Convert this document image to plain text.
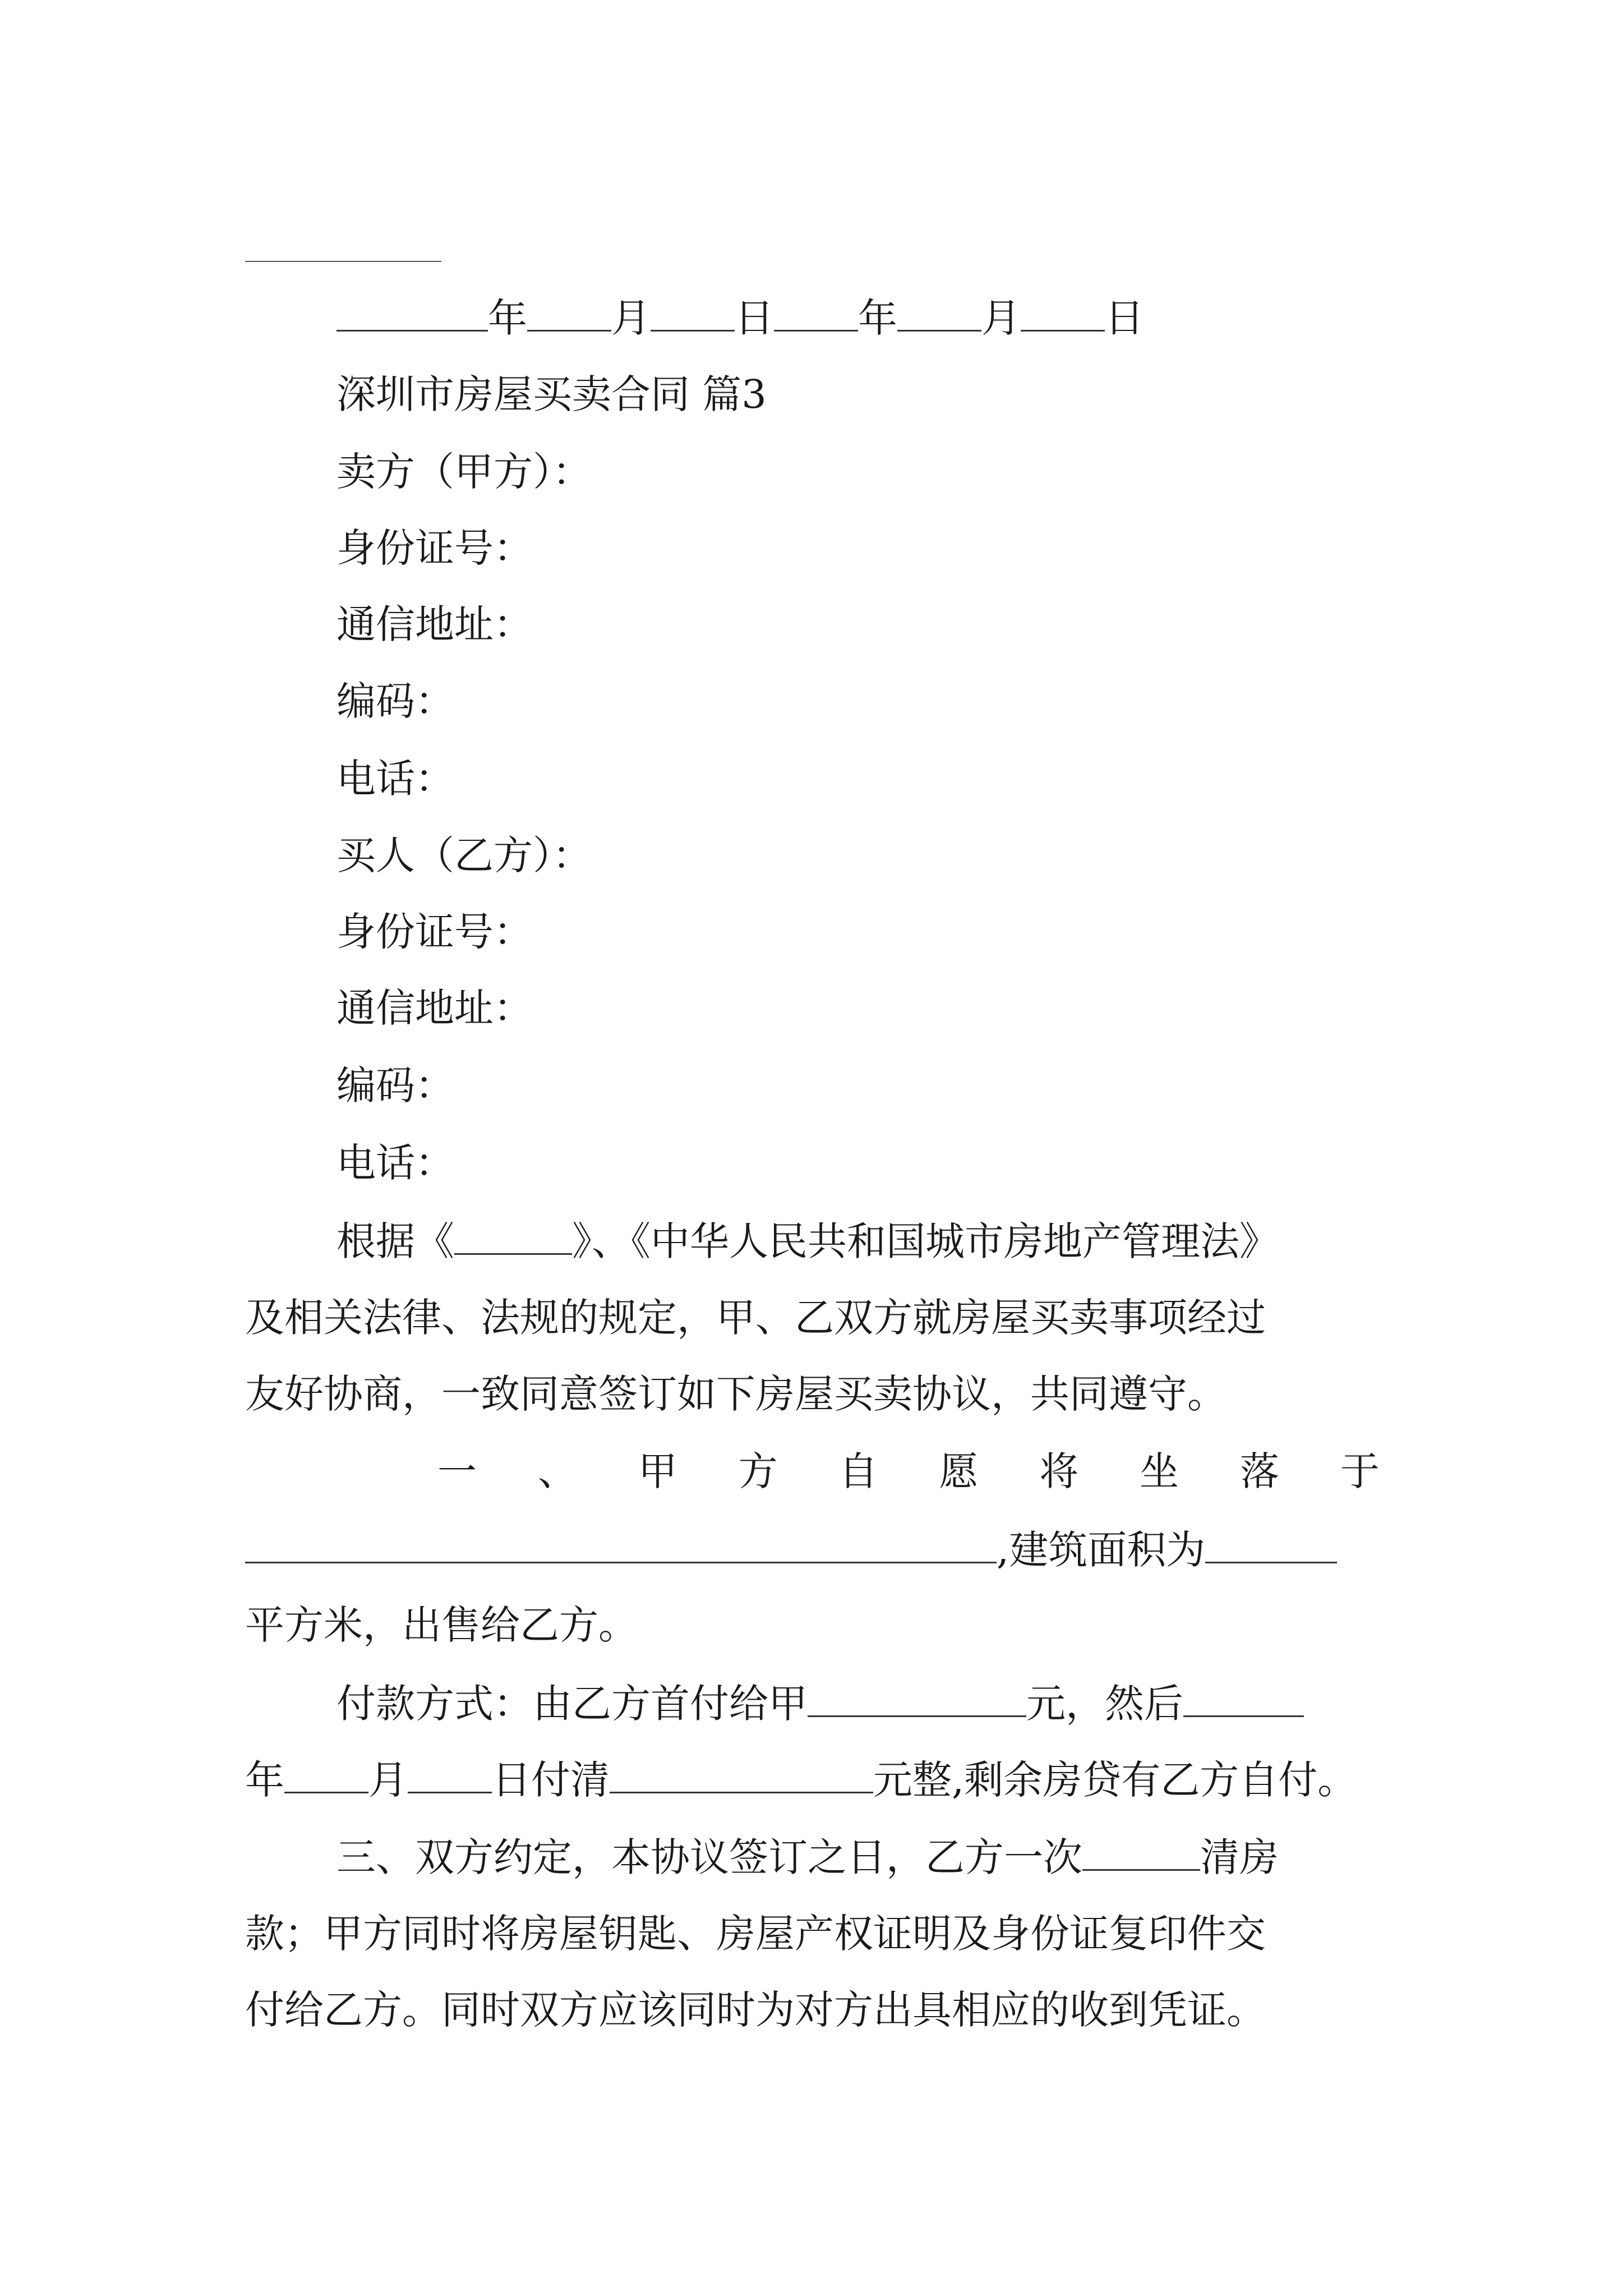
年 月 日 年 月 日
深圳市房屋买卖合同 篇3
卖方（甲方）：
身份证号：
通信地址：
编码：
电话：
买人（乙方）：
身份证号：
通信地址：
编码：
电话：
根据《	》、《中华人民共和国城市房地产管理法》
及相关法律、法规的规定，甲、乙双方就房屋买卖事项经过
友好协商，一致同意签订如下房屋买卖协议，共同遵守。
一 、 甲 方 自 愿 将 坐 落 于
,建筑面积为
平方米，出售给乙方。
付款方式：由乙方首付给甲	元，然后
年 月 日付清	元整,剩余房贷有乙方自付。
三、双方约定，本协议签订之日，乙方一次	清房
款；甲方同时将房屋钥匙、房屋产权证明及身份证复印件交
付给乙方。同时双方应该同时为对方出具相应的收到凭证。
